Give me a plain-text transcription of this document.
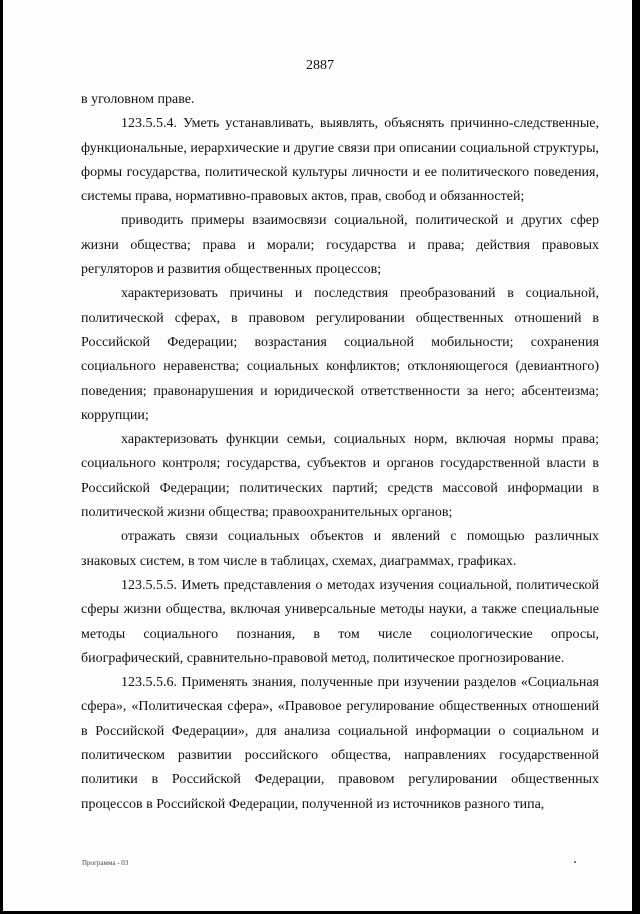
2887

в уголовном праве.

123.5.5.4. Уметь устанавливать, выявлять, объяснять причинно-следственные, функциональные, иерархические и другие связи при описании социальной структуры, формы государства, политической культуры личности и ее политического поведения, системы права, нормативно-правовых актов, прав, свобод и обязанностей;

приводить примеры взаимосвязи социальной, политической и других сфер жизни общества; права и морали; государства и права; действия правовых регуляторов и развития общественных процессов;

характеризовать причины и последствия преобразований в социальной, политической сферах, в правовом регулировании общественных отношений в Российской Федерации; возрастания социальной мобильности; сохранения социального неравенства; социальных конфликтов; отклоняющегося (девиантного) поведения; правонарушения и юридической ответственности за него; абсентеизма; коррупции;

характеризовать функции семьи, социальных норм, включая нормы права; социального контроля; государства, субъектов и органов государственной власти в Российской Федерации; политических партий; средств массовой информации в политической жизни общества; правоохранительных органов;

отражать связи социальных объектов и явлений с помощью различных знаковых систем, в том числе в таблицах, схемах, диаграммах, графиках.

123.5.5.5. Иметь представления о методах изучения социальной, политической сферы жизни общества, включая универсальные методы науки, а также специальные методы социального познания, в том числе социологические опросы, биографический, сравнительно-правовой метод, политическое прогнозирование.

123.5.5.6. Применять знания, полученные при изучении разделов «Социальная сфера», «Политическая сфера», «Правовое регулирование общественных отношений в Российской Федерации», для анализа социальной информации о социальном и политическом развитии российского общества, направлениях государственной политики в Российской Федерации, правовом регулировании общественных процессов в Российской Федерации, полученной из источников разного типа,

Программа - 03
